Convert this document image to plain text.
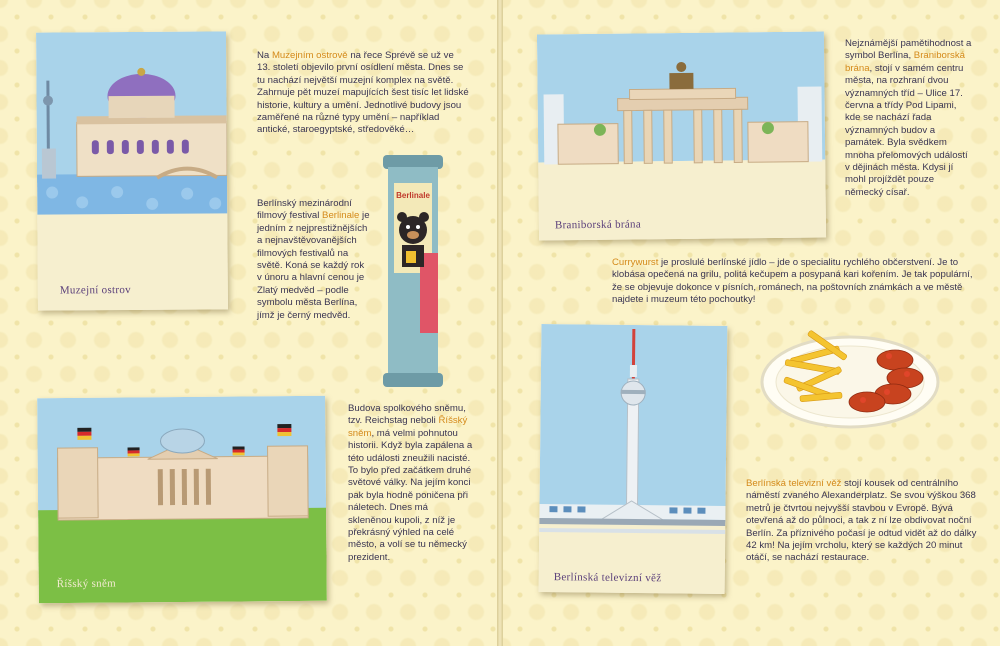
Muzejní ostrov

Na Muzejním ostrově na řece Sprévě se už ve 13. století objevilo první osídlení města. Dnes se tu nachází největší muzejní komplex na světě. Zahrnuje pět muzeí mapujících šest tisíc let lidské historie, kultury a umění. Jednotlivé budovy jsou zaměřené na různé typy umění – například antické, staroegyptské, středověké…

Berlínský mezinárodní filmový festival Berlinale je jedním z nejprestižnějších a nejnavštěvovanějších filmových festivalů na světě. Koná se každý rok v únoru a hlavní cenou je Zlatý medvěd – podle symbolu města Berlína, jímž je černý medvěd.

Berlinale
Říšský sněm

Budova spolkového sněmu, tzv. Reichstag neboli Říšský sněm, má velmi pohnutou historii. Když byla zapálena a této události zneužili nacisté. To bylo před začátkem druhé světové války. Na jejím konci pak byla hodně poničena při náletech. Dnes má skleněnou kupoli, z níž je překrásný výhled na celé město, a volí se tu německý prezident.

Braniborská brána

Nejznámější pamětihodnost a symbol Berlína, Braniborská brána, stojí v samém centru města, na rozhraní dvou významných tříd – Ulice 17. června a třídy Pod Lipami, kde se nachází řada významných budov a památek. Byla svědkem mnoha přelomových událostí v dějinách města. Kdysi jí mohl projíždět pouze německý císař.

Currywurst je proslulé berlínské jídlo – jde o specialitu rychlého občerstvení. Je to klobása opečená na grilu, politá kečupem a posypaná kari kořením. Je tak populární, že se objevuje dokonce v písních, románech, na poštovních známkách a ve městě najdete i muzeum této pochoutky!

Berlínská televizní věž

Berlínská televizní věž stojí kousek od centrálního náměstí zvaného Alexanderplatz. Se svou výškou 368 metrů je čtvrtou nejvyšší stavbou v Evropě. Bývá otevřená až do půlnoci, a tak z ní lze obdivovat noční Berlín. Za příznivého počasí je odtud vidět až do dálky 42 km! Na jejím vrcholu, který se každých 20 minut otáčí, se nachází restaurace.
